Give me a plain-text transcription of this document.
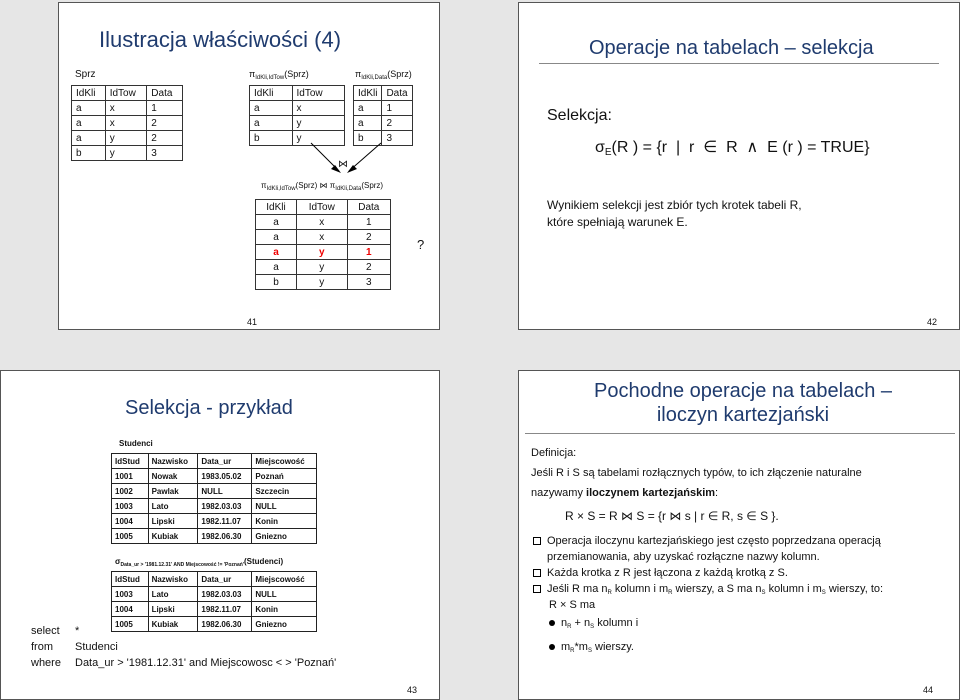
Ilustracja właściwości (4)
Sprz
IdKli	IdTow	Data
a	x	1
a	x	2
a	y	2
b	y	3
$\pi_{IdKli,IdTow}(Sprz)$
IdKli	IdTow
a	x
a	y
b	y
$\pi_{IdKli,Data}(Sprz)$
IdKli	Data
a	1
a	2
b	3
⋈
$\pi_{IdKli,IdTow}(Sprz)$ ⋈ $\pi_{IdKli,Data}(Sprz)$
IdKli	IdTow	Data
a	x	1
a	x	2
a	y	1
a	y	2
b	y	3
?
41
Operacje na tabelach – selekcja
Selekcja:
σE(R ) = {r  |  r  ∈  R  ∧  E (r ) = TRUE}
Wynikiem selekcji jest zbiór tych krotek tabeli R,
które spełniają warunek E.
42
Selekcja - przykład
Studenci
IdStud	Nazwisko	Data_ur	Miejscowość
1001	Nowak	1983.05.02	Poznań
1002	Pawlak	NULL	Szczecin
1003	Lato	1982.03.03	NULL
1004	Lipski	1982.11.07	Konin
1005	Kubiak	1982.06.30	Gniezno
$\sigma_{Data\_ur > '1981.12.31' AND Miejscowość != 'Poznań'}(Studenci)$
IdStud	Nazwisko	Data_ur	Miejscowość
1003	Lato	1982.03.03	NULL
1004	Lipski	1982.11.07	Konin
1005	Kubiak	1982.06.30	Gniezno
select *
from Studenci
where Data_ur > '1981.12.31' and Miejscowosc < > 'Poznań'
43
Pochodne operacje na tabelach –
iloczyn kartezjański
Definicja:
Jeśli R i S są tabelami rozłącznych typów, to ich złączenie naturalne
nazywamy iloczynem kartezjańskim:
R × S = R ⋈ S = {r ⋈ s | r ∈ R, s ∈ S }.
Operacja iloczynu kartezjańskiego jest często poprzedzana operacją przemianowania, aby uzyskać rozłączne nazwy kolumn.
Każda krotka z R jest łączona z każdą krotką z S.
Jeśli R ma $n_R$ kolumn i $m_R$ wierszy, a S ma $n_S$ kolumn i $m_S$ wierszy, to:
R × S ma
$n_R + n_S$ kolumn i
$m_R*m_S$ wierszy.
44
